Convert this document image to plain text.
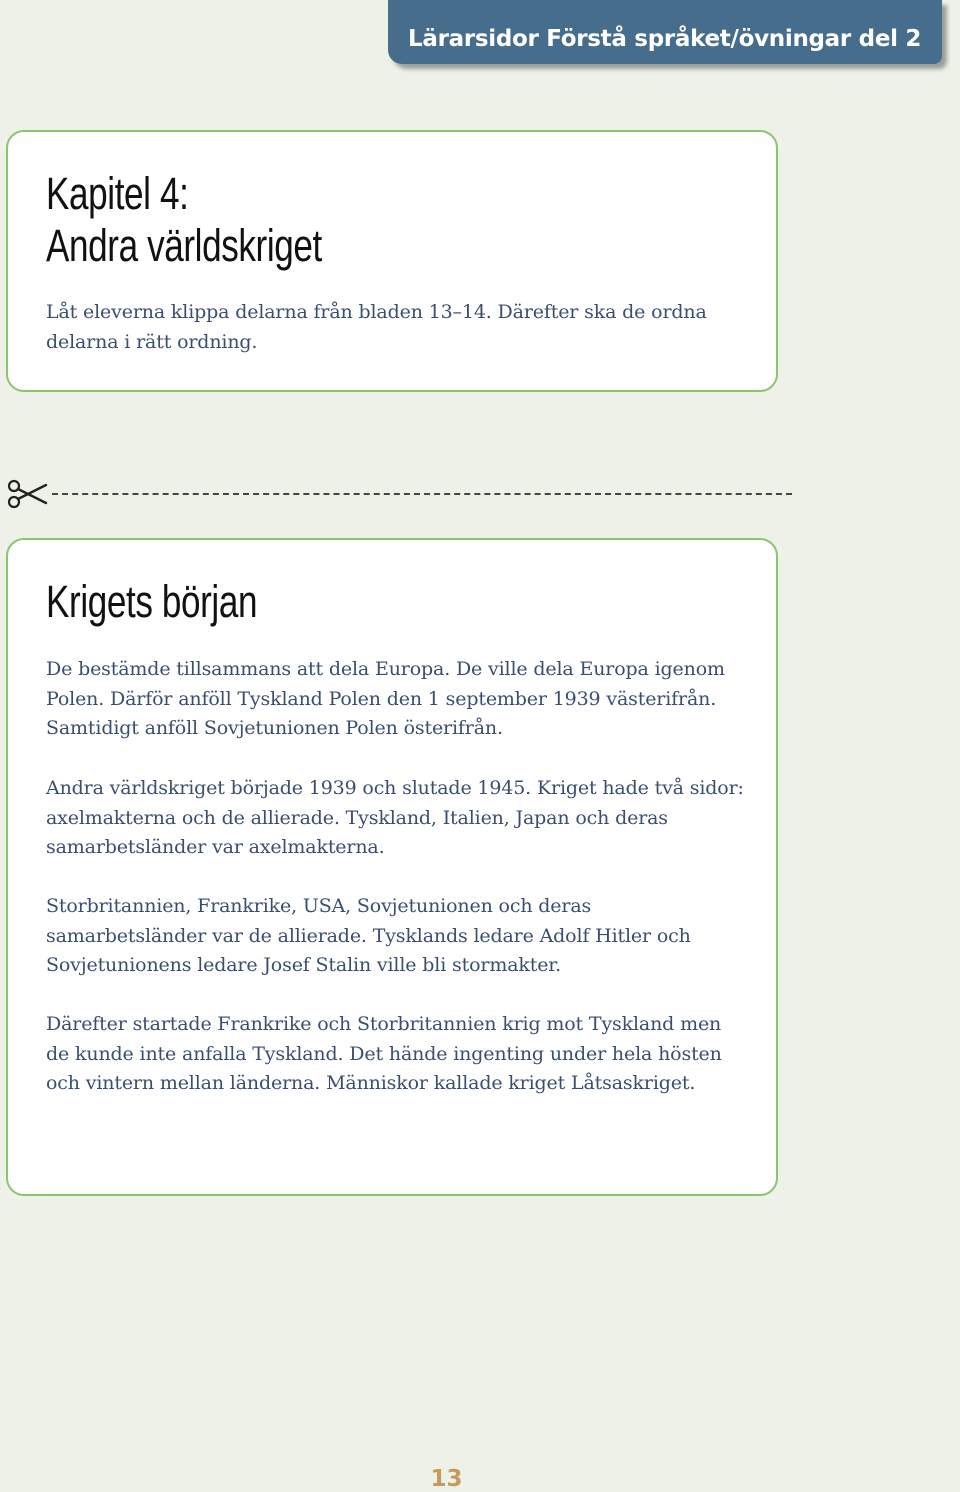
Lärarsidor Förstå språket/övningar del 2
Kapitel 4:
Andra världskriget

Låt eleverna klippa delarna från bladen 13–14. Därefter ska de ordna delarna i rätt ordning.

Krigets början

De bestämde tillsammans att dela Europa. De ville dela Europa igenom Polen. Därför anföll Tyskland Polen den 1 september 1939 västerifrån. Samtidigt anföll Sovjetunionen Polen österifrån.

Andra världskriget började 1939 och slutade 1945. Kriget hade två sidor: axelmakterna och de allierade. Tyskland, Italien, Japan och deras samarbetsländer var axelmakterna.

Storbritannien, Frankrike, USA, Sovjetunionen och deras samarbetsländer var de allierade. Tysklands ledare Adolf Hitler och Sovjetunionens ledare Josef Stalin ville bli stormakter.

Därefter startade Frankrike och Storbritannien krig mot Tyskland men de kunde inte anfalla Tyskland. Det hände ingenting under hela hösten och vintern mellan länderna. Människor kallade kriget Låtsaskriget.

13
